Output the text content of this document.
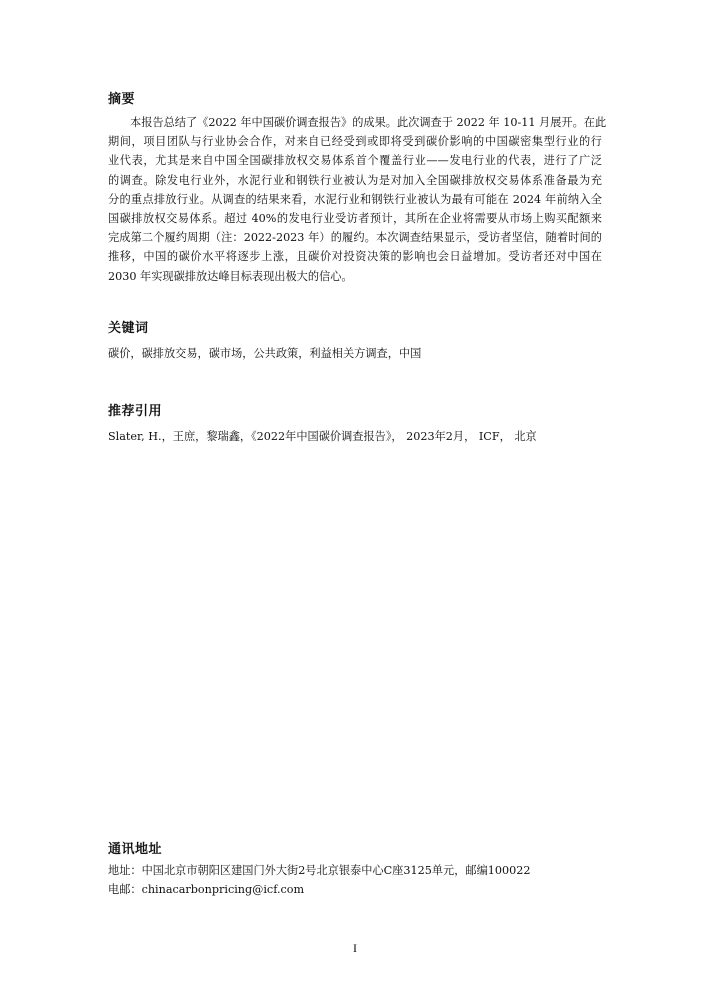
摘要
本报告总结了《2022 年中国碳价调查报告》的成果。此次调查于 2022 年 10-11 月展开。在此
期间，项目团队与行业协会合作，对来自已经受到或即将受到碳价影响的中国碳密集型行业的行
业代表，尤其是来自中国全国碳排放权交易体系首个覆盖行业——发电行业的代表，进行了广泛
的调查。除发电行业外，水泥行业和钢铁行业被认为是对加入全国碳排放权交易体系准备最为充
分的重点排放行业。从调查的结果来看，水泥行业和钢铁行业被认为最有可能在 2024 年前纳入全
国碳排放权交易体系。超过 40%的发电行业受访者预计，其所在企业将需要从市场上购买配额来
完成第二个履约周期（注：2022-2023 年）的履约。本次调查结果显示，受访者坚信，随着时间的
推移，中国的碳价水平将逐步上涨，且碳价对投资决策的影响也会日益增加。受访者还对中国在
2030 年实现碳排放达峰目标表现出极大的信心。
关键词
碳价，碳排放交易，碳市场，公共政策，利益相关方调查，中国
推荐引用
Slater, H.，王庶，黎瑞鑫，《2022年中国碳价调查报告》， 2023年2月， ICF， 北京
通讯地址
地址：中国北京市朝阳区建国门外大街2号北京银泰中心C座3125单元，邮编100022
电邮：chinacarbonpricing@icf.com
I
